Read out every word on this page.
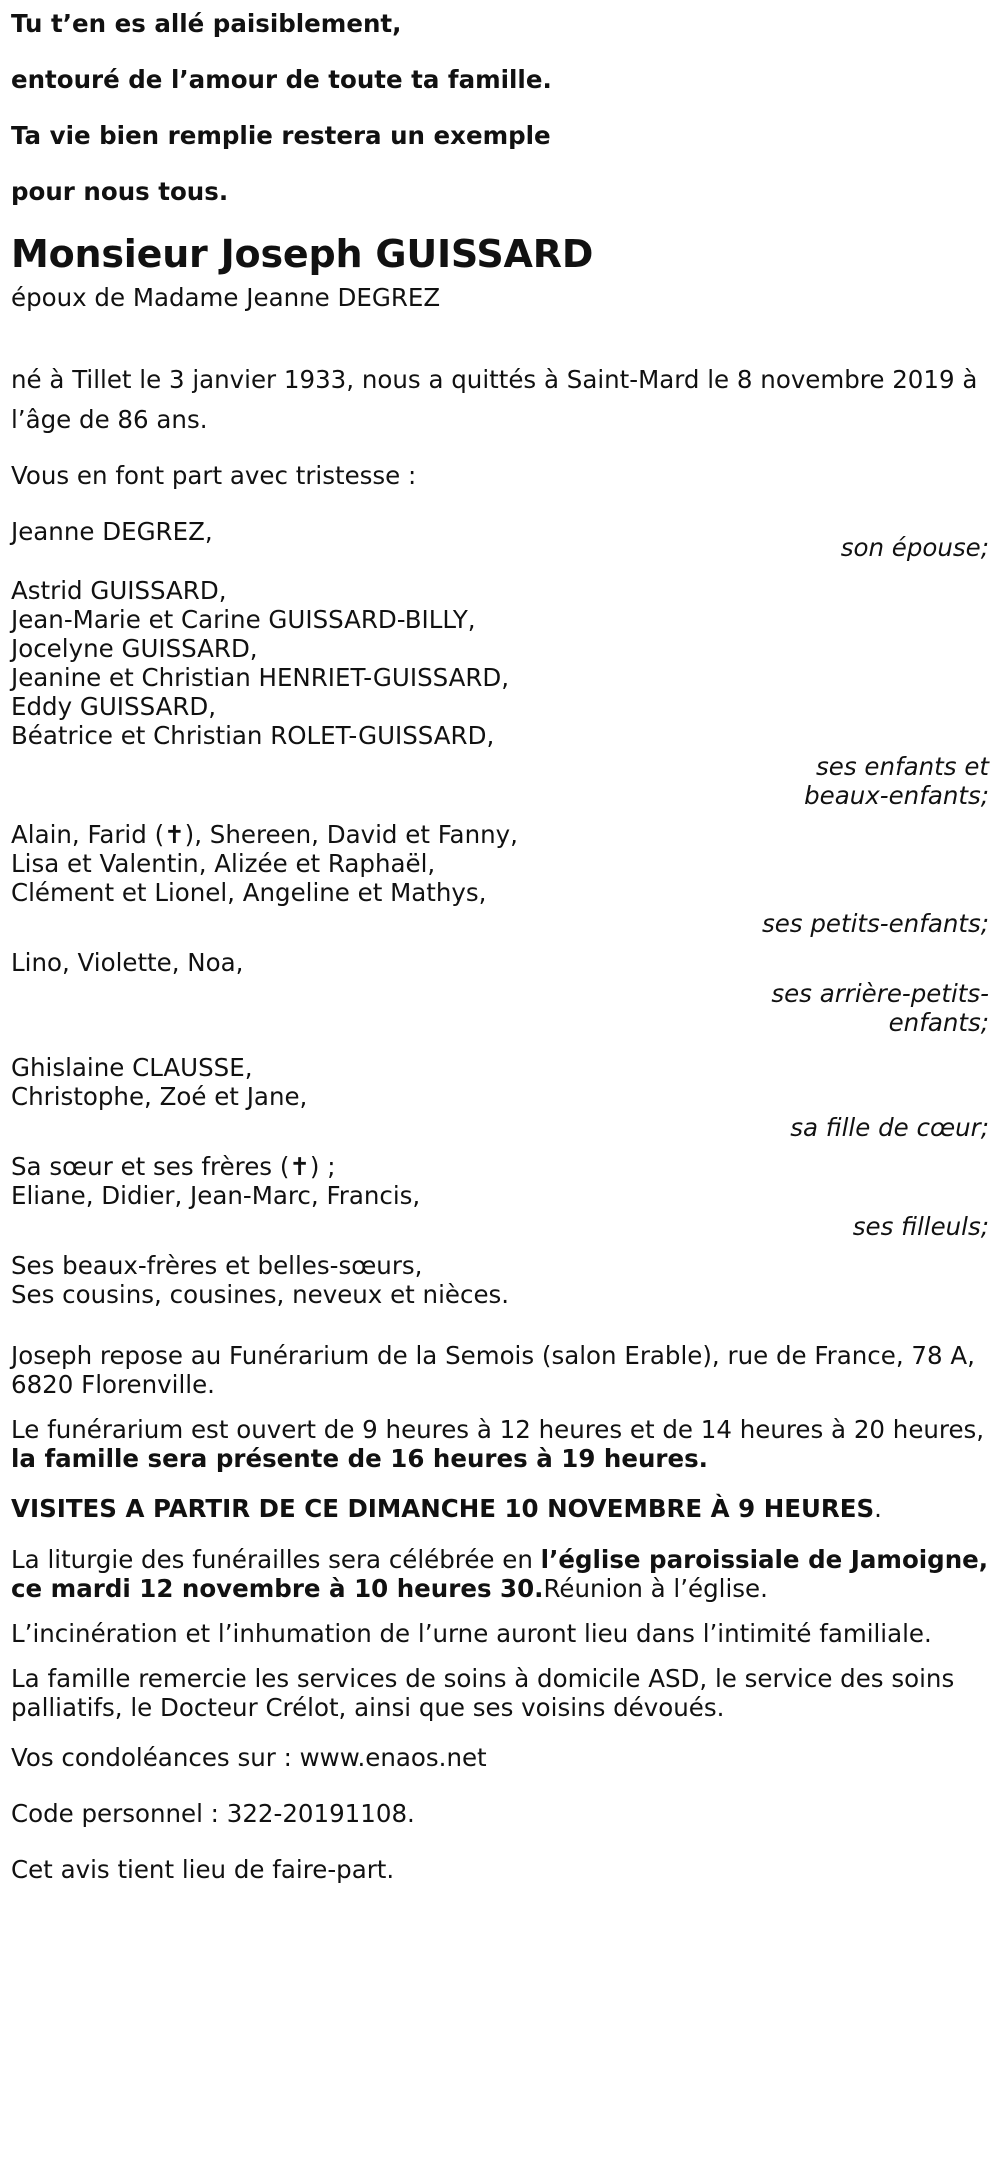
Tu t’en es allé paisiblement,

entouré de l’amour de toute ta famille.

Ta vie bien remplie restera un exemple

pour nous tous.

Monsieur Joseph GUISSARD
époux de Madame Jeanne DEGREZ

né à Tillet le 3 janvier 1933, nous a quittés à Saint-Mard le 8 novembre 2019 à l’âge de 86 ans.

Vous en font part avec tristesse :

Jeanne DEGREZ,
son épouse;
Astrid GUISSARD,
Jean-Marie et Carine GUISSARD-BILLY,
Jocelyne GUISSARD,
Jeanine et Christian HENRIET-GUISSARD,
Eddy GUISSARD,
Béatrice et Christian ROLET-GUISSARD,
ses enfants et
beaux-enfants;
Alain, Farid (✝), Shereen, David et Fanny,
Lisa et Valentin, Alizée et Raphaël,
Clément et Lionel, Angeline et Mathys,
ses petits-enfants;
Lino, Violette, Noa,
ses arrière-petits-
enfants;
Ghislaine CLAUSSE,
Christophe, Zoé et Jane,
sa fille de cœur;
Sa sœur et ses frères (✝) ;
Eliane, Didier, Jean-Marc, Francis,
ses filleuls;
Ses beaux-frères et belles-sœurs,
Ses cousins, cousines, neveux et nièces.

Joseph repose au Funérarium de la Semois (salon Erable), rue de France, 78 A, 6820 Florenville.

Le funérarium est ouvert de 9 heures à 12 heures et de 14 heures à 20 heures, la famille sera présente de 16 heures à 19 heures.

VISITES A PARTIR DE CE DIMANCHE 10 NOVEMBRE À 9 HEURES.

La liturgie des funérailles sera célébrée en l’église paroissiale de Jamoigne, ce mardi 12 novembre à 10 heures 30.Réunion à l’église.

L’incinération et l’inhumation de l’urne auront lieu dans l’intimité familiale.

La famille remercie les services de soins à domicile ASD, le service des soins palliatifs, le Docteur Crélot, ainsi que ses voisins dévoués.

Vos condoléances sur : www.enaos.net

Code personnel : 322-20191108.

Cet avis tient lieu de faire-part.
